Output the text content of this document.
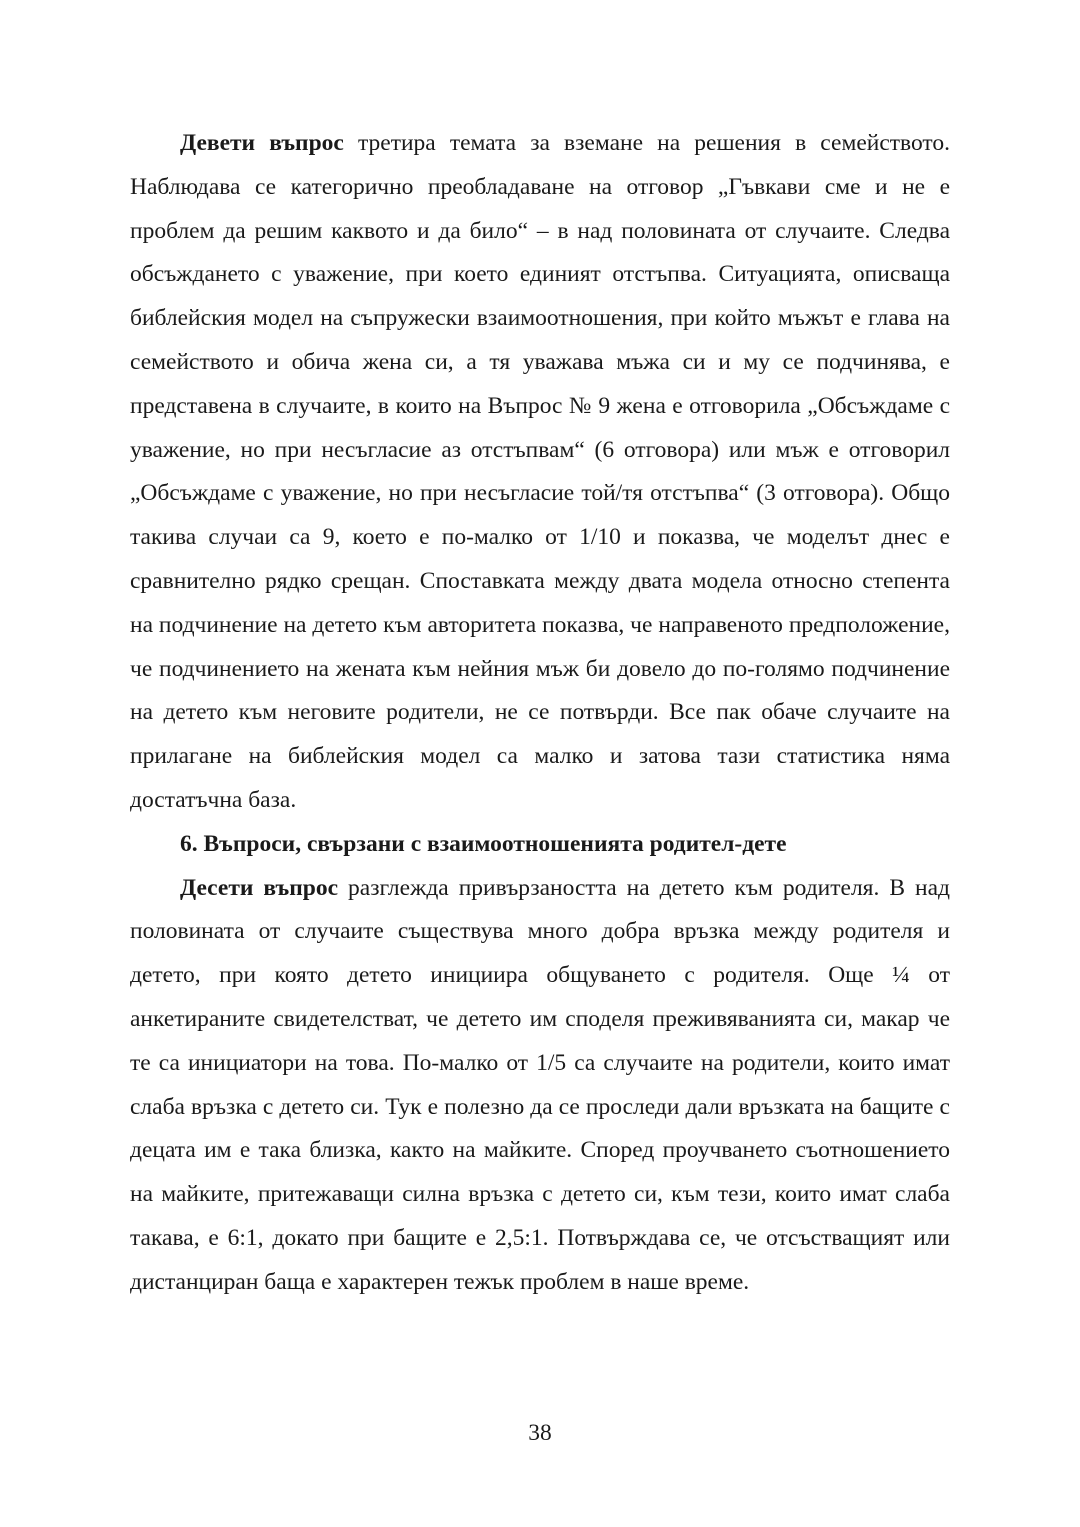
Девети въпрос третира темата за вземане на решения в семейството. Наблюдава се категорично преобладаване на отговор „Гъвкави сме и не е проблем да решим каквото и да било“ – в над половината от случаите. Следва обсъждането с уважение, при което единият отстъпва. Ситуацията, описваща библейския модел на съпружески взаимоотношения, при който мъжът е глава на семейството и обича жена си, а тя уважава мъжа си и му се подчинява, е представена в случаите, в които на Въпрос № 9 жена е отговорила „Обсъждаме с уважение, но при несъгласие аз отстъпвам“ (6 отговора) или мъж е отговорил „Обсъждаме с уважение, но при несъгласие той/тя отстъпва“ (3 отговора). Общо такива случаи са 9, което е по-малко от 1/10 и показва, че моделът днес е сравнително рядко срещан. Споставката между двата модела относно степента на подчинение на детето към авторитета показва, че направеното предположение, че подчинението на жената към нейния мъж би довело до по-голямо подчинение на детето към неговите родители, не се потвърди. Все пак обаче случаите на прилагане на библейския модел са малко и затова тази статистика няма достатъчна база.

6. Въпроси, свързани с взаимоотношенията родител-дете

Десети въпрос разглежда привързаността на детето към родителя. В над половината от случаите съществува много добра връзка между родителя и детето, при която детето инициира общуването с родителя. Още ¼ от анкетираните свидетелстват, че детето им споделя преживяванията си, макар че те са инициатори на това. По-малко от 1/5 са случаите на родители, които имат слаба връзка с детето си. Тук е полезно да се проследи дали връзката на бащите с децата им е така близка, както на майките. Според проучването съотношението на майките, притежаващи силна връзка с детето си, към тези, които имат слаба такава, е 6:1, докато при бащите е 2,5:1. Потвърждава се, че отсъстващият или дистанциран баща е характерен тежък проблем в наше време.

38
